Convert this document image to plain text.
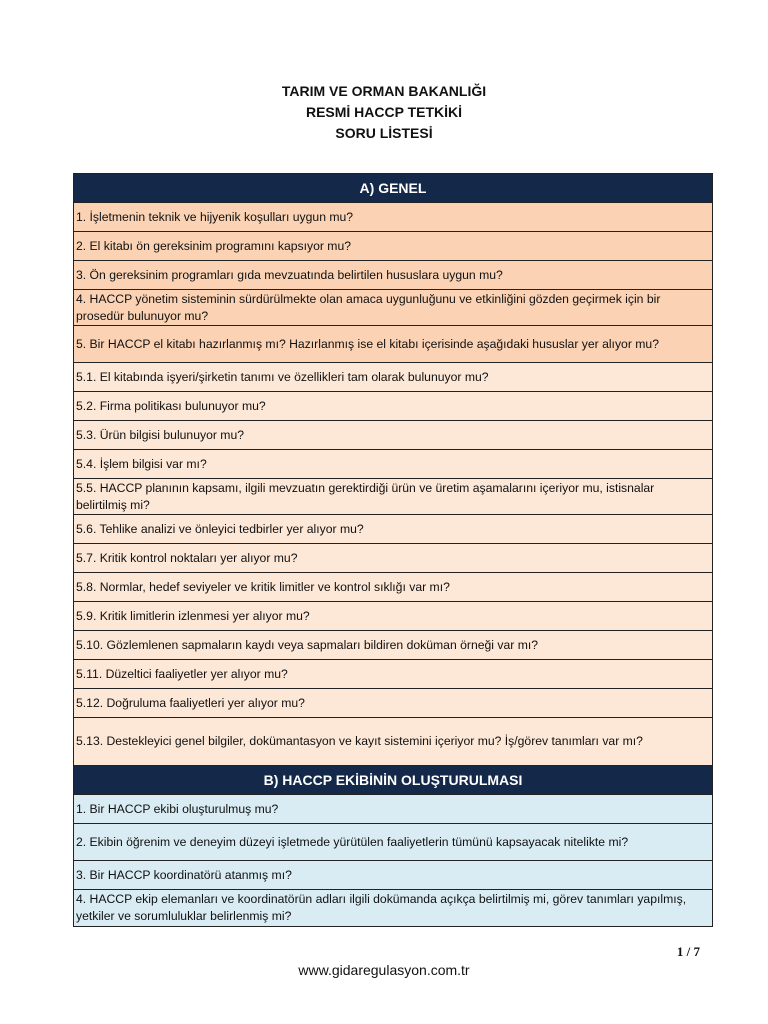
TARIM VE ORMAN BAKANLIĞI
RESMİ HACCP TETKİKİ
SORU LİSTESİ
A) GENEL
1. İşletmenin teknik ve hijyenik koşulları uygun mu?
2. El kitabı ön gereksinim programını kapsıyor mu?
3. Ön gereksinim programları gıda mevzuatında belirtilen hususlara uygun mu?
4. HACCP yönetim sisteminin sürdürülmekte olan amaca uygunluğunu ve etkinliğini gözden geçirmek için bir prosedür bulunuyor mu?
5. Bir HACCP el kitabı hazırlanmış mı? Hazırlanmış ise el kitabı içerisinde aşağıdaki hususlar yer alıyor mu?
5.1. El kitabında işyeri/şirketin tanımı ve özellikleri tam olarak bulunuyor mu?
5.2. Firma politikası bulunuyor mu?
5.3. Ürün bilgisi bulunuyor mu?
5.4. İşlem bilgisi var mı?
5.5. HACCP planının kapsamı, ilgili mevzuatın gerektirdiği ürün ve üretim aşamalarını içeriyor mu, istisnalar belirtilmiş mi?
5.6. Tehlike analizi ve önleyici tedbirler yer alıyor mu?
5.7. Kritik kontrol noktaları yer alıyor mu?
5.8. Normlar, hedef seviyeler ve kritik limitler ve kontrol sıklığı var mı?
5.9. Kritik limitlerin izlenmesi yer alıyor mu?
5.10. Gözlemlenen sapmaların kaydı veya sapmaları bildiren doküman örneği var mı?
5.11. Düzeltici faaliyetler yer alıyor mu?
5.12. Doğruluma faaliyetleri yer alıyor mu?
5.13. Destekleyici genel bilgiler, dokümantasyon ve kayıt sistemini içeriyor mu? İş/görev tanımları var mı?
B) HACCP EKİBİNİN OLUŞTURULMASI
1. Bir HACCP ekibi oluşturulmuş mu?
2. Ekibin öğrenim ve deneyim düzeyi işletmede yürütülen faaliyetlerin tümünü kapsayacak nitelikte mi?
3. Bir HACCP koordinatörü atanmış mı?
4. HACCP ekip elemanları ve koordinatörün adları ilgili dokümanda açıkça belirtilmiş mi, görev tanımları yapılmış, yetkiler ve sorumluluklar belirlenmiş mi?
1 / 7
www.gidaregulasyon.com.tr
